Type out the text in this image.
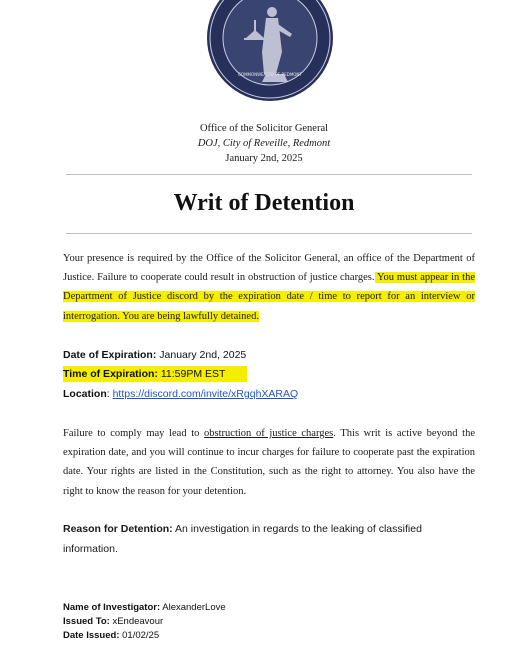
COMMONWEALTH OF REDMONT
Office of the Solicitor General
DOJ, City of Reveille, Redmont
January 2nd, 2025
Writ of Detention
Your presence is required by the Office of the Solicitor General, an office of the Department of Justice. Failure to cooperate could result in obstruction of justice charges. You must appear in the Department of Justice discord by the expiration date / time to report for an interview or interrogation. You are being lawfully detained.
Date of Expiration: January 2nd, 2025
Time of Expiration: 11:59PM EST
Location: https://discord.com/invite/xRgqhXARAQ
Failure to comply may lead to obstruction of justice charges. This writ is active beyond the expiration date, and you will continue to incur charges for failure to cooperate past the expiration date. Your rights are listed in the Constitution, such as the right to attorney. You also have the right to know the reason for your detention.
Reason for Detention: An investigation in regards to the leaking of classified information.
Name of Investigator: AlexanderLove
Issued To: xEndeavour
Date Issued: 01/02/25
